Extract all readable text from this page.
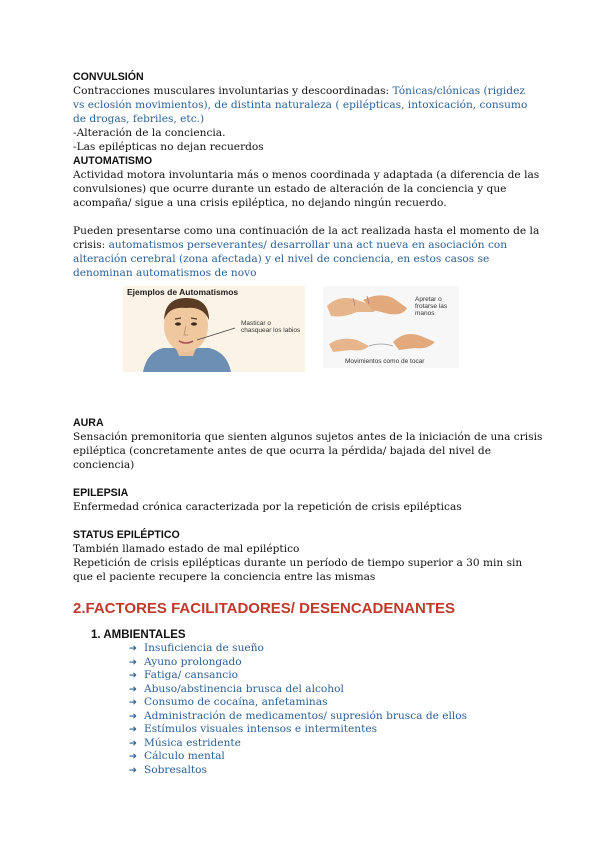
CONVULSIÓN

Contracciones musculares involuntarias y descoordinadas: Tónicas/clónicas (rigidez

vs eclosión movimientos), de distinta naturaleza ( epilépticas, intoxicación, consumo

de drogas, febriles, etc.)

-Alteración de la conciencia.

-Las epilépticas no dejan recuerdos

AUTOMATISMO

Actividad motora involuntaria más o menos coordinada y adaptada (a diferencia de las

convulsiones) que ocurre durante un estado de alteración de la conciencia y que

acompaña/ sigue a una crisis epiléptica, no dejando ningún recuerdo.

Pueden presentarse como una continuación de la act realizada hasta el momento de la

crisis: automatismos perseverantes/ desarrollar una act nueva en asociación con

alteración cerebral (zona afectada) y el nivel de conciencia, en estos casos se

denominan automatismos de novo

Ejemplos de Automatismos
Masticar o chasquear los labios
Apretar o frotarse las manos
Movimientos como de tocar

AURA

Sensación premonitoria que sienten algunos sujetos antes de la iniciación de una crisis

epiléptica (concretamente antes de que ocurra la pérdida/ bajada del nivel de

conciencia)

EPILEPSIA

Enfermedad crónica caracterizada por la repetición de crisis epilépticas

STATUS EPILÉPTICO

También llamado estado de mal epiléptico

Repetición de crisis epilépticas durante un período de tiempo superior a 30 min sin

que el paciente recupere la conciencia entre las mismas

2.FACTORES FACILITADORES/ DESENCADENANTES

1. AMBIENTALES

➔ Insuficiencia de sueño
➔ Ayuno prolongado
➔ Fatiga/ cansancio
➔ Abuso/abstinencia brusca del alcohol
➔ Consumo de cocaína, anfetaminas
➔ Administración de medicamentos/ supresión brusca de ellos
➔ Estímulos visuales intensos e intermitentes
➔ Música estridente
➔ Cálculo mental
➔ Sobresaltos
